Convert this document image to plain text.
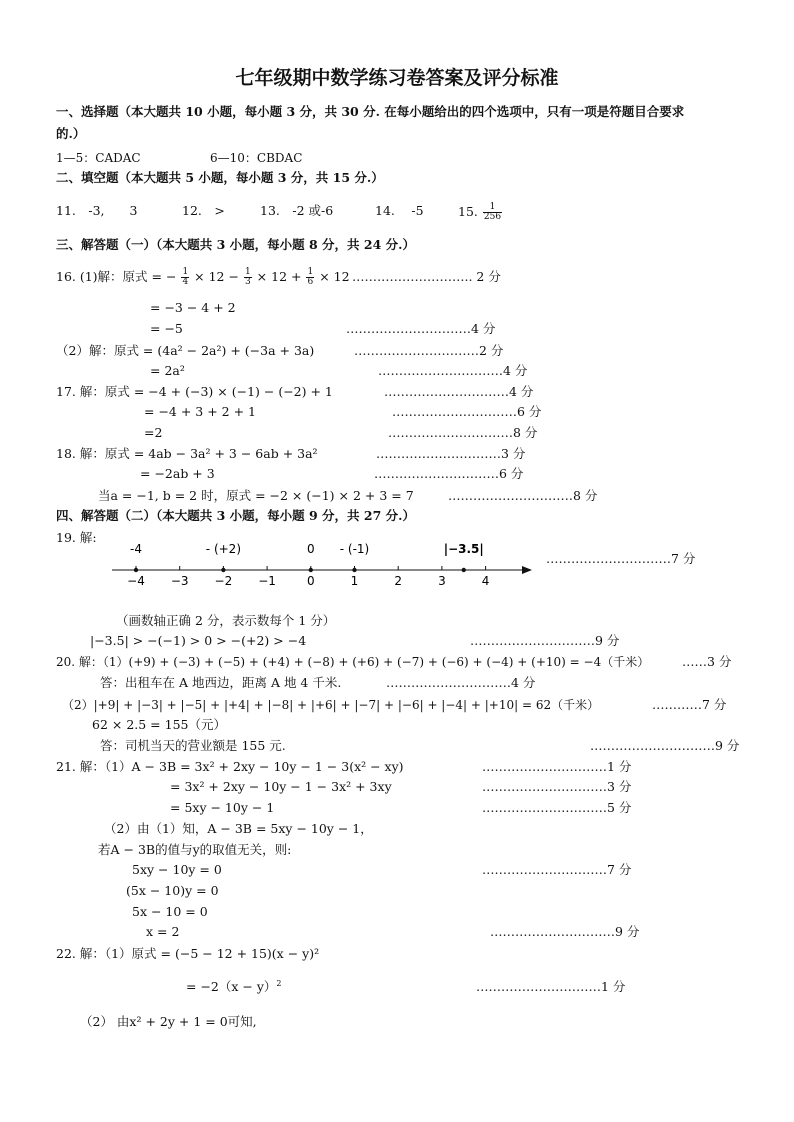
七年级期中数学练习卷答案及评分标准
一、选择题（本大题共 10 小题，每小题 3 分，共 30 分. 在每小题给出的四个选项中，只有一项是符题目合要求
的.）
1—5：CADAC	6—10：CBDAC
二、填空题（本大题共 5 小题，每小题 3 分，共 15 分.）
11.　-3,　　3	12.　>	13.　-2 或-6	14.　 -5	15. $\frac{1}{256}$
三、解答题（一）（本大题共 3 小题，每小题 8 分，共 24 分.）
16. (1)解：原式 = − $\frac{1}{4} \times 12 - \frac{1}{3} \times 12 + \frac{1}{6} \times 12$ ……………………….. 2 分
= −3 − 4 + 2
= −5	…………………………4 分
（2）解：原式 = (4a² − 2a²) + (−3a + 3a)	…………………………2 分
= 2a²	…………………………4 分
17. 解：原式 = −4 + (−3) × (−1) − (−2) + 1	…………………………4 分
= −4 + 3 + 2 + 1	…………………………6 分
=2	…………………………8 分
18. 解：原式 = 4ab − 3a² + 3 − 6ab + 3a²	…………………………3 分
= −2ab + 3	…………………………6 分
当a = −1, b = 2 时，原式 = −2 × (−1) × 2 + 3 = 7	…………………………8 分
四、解答题（二）（本大题共 3 小题，每小题 9 分，共 27 分.）
19. 解:
…………………………7 分
−4 −3 −2 −1	0	1	2	3	4
-4	- (+2)	0 - (-1)	|−3.5|
（画数轴正确 2 分，表示数每个 1 分）
|−3.5| > −(−1) > 0 > −(+2) > −4	…………………………9 分
20. 解：（1）(+9) + (−3) + (−5) + (+4) + (−8) + (+6) + (−7) + (−6) + (−4) + (+10) = −4（千米）	……3 分
答：出租车在 A 地西边，距离 A 地 4 千米.	…………………………4 分
（2）|+9| + |−3| + |−5| + |+4| + |−8| + |+6| + |−7| + |−6| + |−4| + |+10| = 62（千米）	…………7 分
62 × 2.5 = 155（元）
答：司机当天的营业额是 155 元.	…………………………9 分
21. 解：（1）A − 3B = 3x² + 2xy − 10y − 1 − 3(x² − xy)	…………………………1 分
= 3x² + 2xy − 10y − 1 − 3x² + 3xy	…………………………3 分
= 5xy − 10y − 1	…………………………5 分
（2）由（1）知，A − 3B = 5xy − 10y − 1，
若A − 3B的值与y的取值无关，则:
5xy − 10y = 0	…………………………7 分
(5x − 10)y = 0
5x − 10 = 0
x = 2	…………………………9 分
22. 解：（1）原式 = (−5 − 12 + 15)(x − y)²
= $-2(x - y)^2$	…………………………1 分
（2） 由x² + 2y + 1 = 0可知,
